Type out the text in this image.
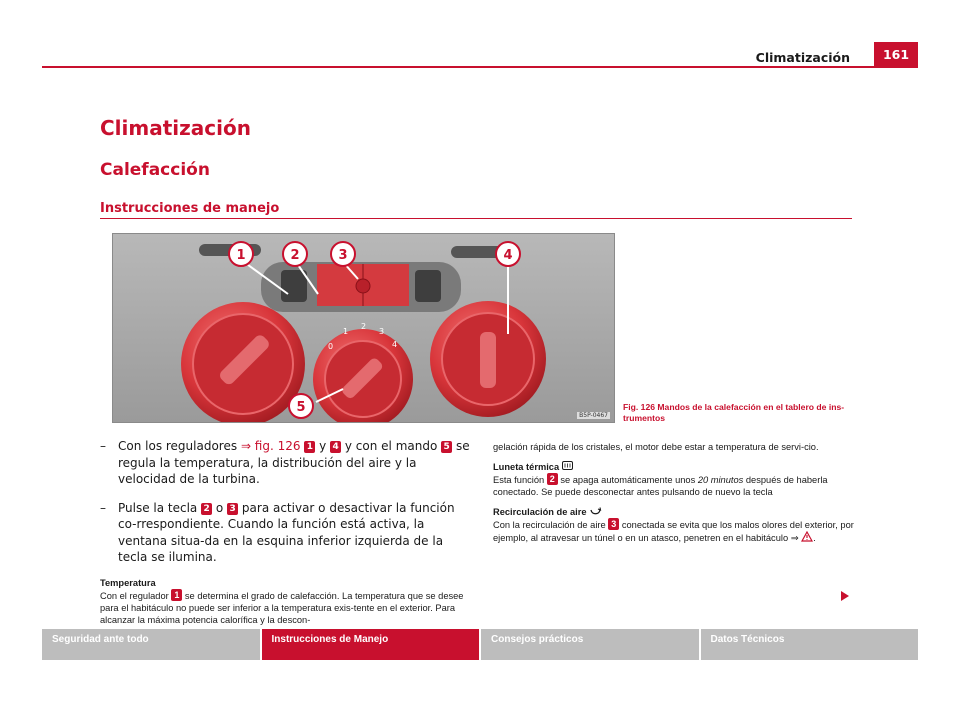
Climatización	161
Climatización
Calefacción
Instrucciones de manejo
0
1
2
3
4
1	2	3	4
5
B5P-0467
Fig. 126 Mandos de la calefacción en el tablero de ins-
trumentos
– Con los reguladores ⇒ fig. 126 1 y 4 y con el mando 5 se regula la temperatura, la distribución del aire y la velocidad de la turbina.
– Pulse la tecla 2 o 3 para activar o desactivar la función co-rrespondiente. Cuando la función está activa, la ventana situa-da en la esquina inferior izquierda de la tecla se ilumina.
Temperatura
Con el regulador 1 se determina el grado de calefacción. La temperatura que se desee para el habitáculo no puede ser inferior a la temperatura exis-tente en el exterior. Para alcanzar la máxima potencia calorífica y la descon-
gelación rápida de los cristales, el motor debe estar a temperatura de servi-cio.
Luneta térmica
Esta función 2 se apaga automáticamente unos 20 minutos después de haberla conectado. Se puede desconectar antes pulsando de nuevo la tecla
Recirculación de aire
Con la recirculación de aire 3 conectada se evita que los malos olores del exterior, por ejemplo, al atravesar un túnel o en un atasco, penetren en el habitáculo ⇒ .
Seguridad ante todo	Instrucciones de Manejo	Consejos prácticos	Datos Técnicos
